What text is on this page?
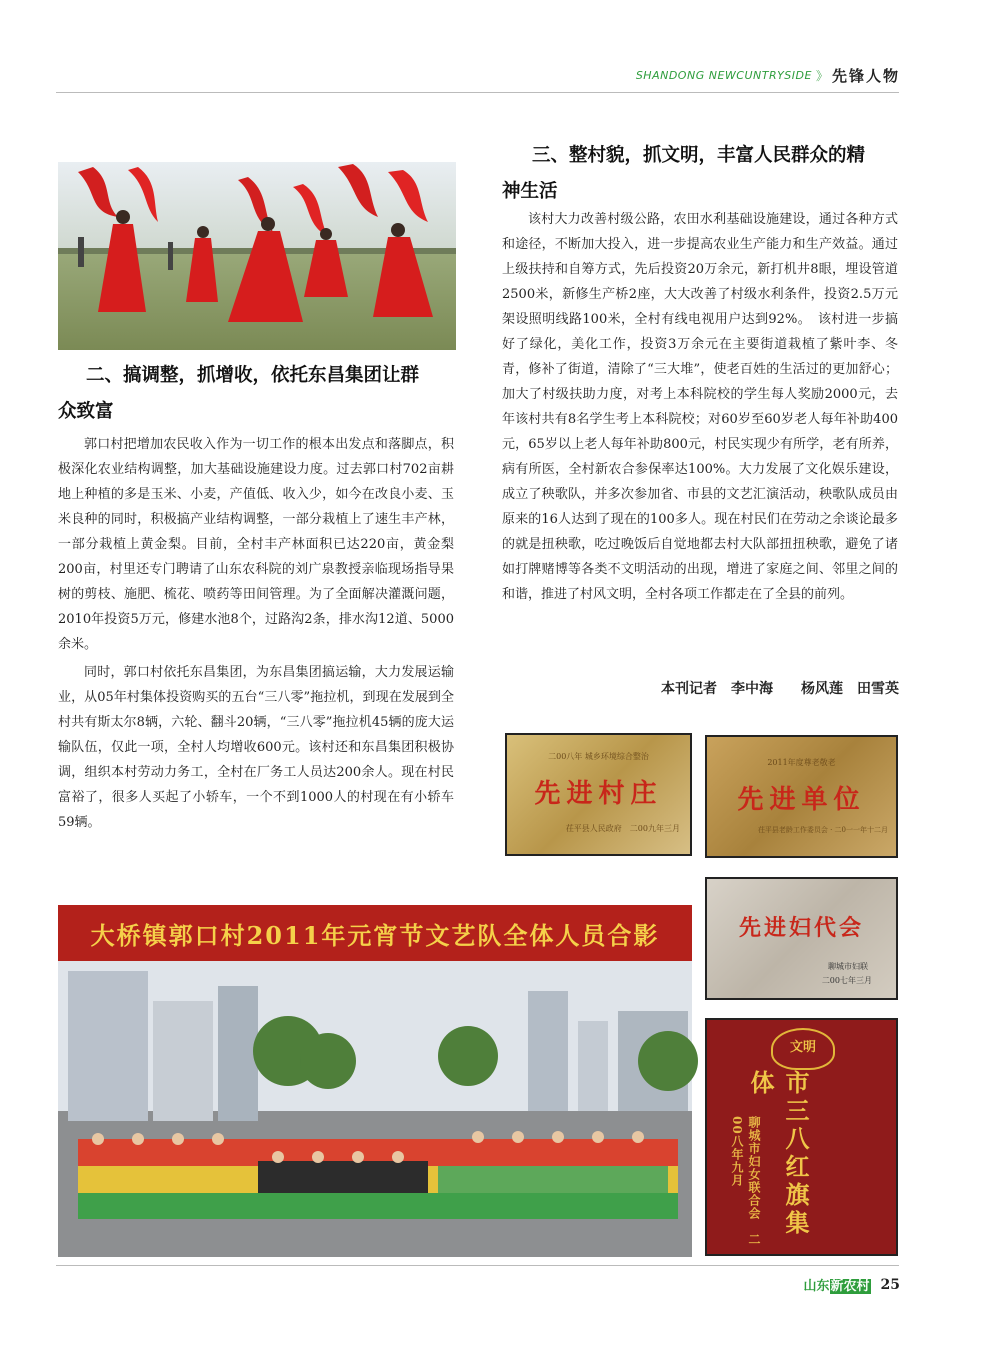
SHANDONG NEWCUNTRYSIDE 》 先锋人物
二、搞调整，抓增收，依托东昌集团让群
众致富

郭口村把增加农民收入作为一切工作的根本出发点和落脚点，积极深化农业结构调整，加大基础设施建设力度。过去郭口村702亩耕地上种植的多是玉米、小麦，产值低、收入少，如今在改良小麦、玉米良种的同时，积极搞产业结构调整，一部分栽植上了速生丰产林，一部分栽植上黄金梨。目前，全村丰产林面积已达220亩，黄金梨200亩，村里还专门聘请了山东农科院的刘广泉教授亲临现场指导果树的剪枝、施肥、梳花、喷药等田间管理。为了全面解决灌溉问题，2010年投资5万元，修建水池8个，过路沟2条，排水沟12道、5000余米。

同时，郭口村依托东昌集团，为东昌集团搞运输，大力发展运输业，从05年村集体投资购买的五台“三八零”拖拉机，到现在发展到全村共有斯太尔8辆，六轮、翻斗20辆，“三八零”拖拉机45辆的庞大运输队伍，仅此一项，全村人均增收600元。该村还和东昌集团积极协调，组织本村劳动力务工，全村在厂务工人员达200余人。现在村民富裕了，很多人买起了小轿车，一个不到1000人的村现在有小轿车59辆。

三、整村貌，抓文明，丰富人民群众的精
神生活

该村大力改善村级公路，农田水利基础设施建设，通过各种方式和途径，不断加大投入，进一步提高农业生产能力和生产效益。通过上级扶持和自筹方式，先后投资20万余元，新打机井8眼，埋设管道2500米，新修生产桥2座，大大改善了村级水利条件，投资2.5万元架设照明线路100米，全村有线电视用户达到92%。　该村进一步搞好了绿化，美化工作，投资3万余元在主要街道栽植了紫叶李、冬青，修补了街道，清除了“三大堆”，使老百姓的生活过的更加舒心；加大了村级扶助力度，对考上本科院校的学生每人奖励2000元，去年该村共有8名学生考上本科院校；对60岁至60岁老人每年补助400元，65岁以上老人每年补助800元，村民实现少有所学，老有所养，病有所医，全村新农合参保率达100%。大力发展了文化娱乐建设，成立了秧歌队，并多次参加省、市县的文艺汇演活动，秧歌队成员由原来的16人达到了现在的100多人。现在村民们在劳动之余谈论最多的就是扭秧歌，吃过晚饭后自觉地都去村大队部扭扭秧歌，避免了诸如打牌赌博等各类不文明活动的出现，增进了家庭之间、邻里之间的和谐，推进了村风文明，全村各项工作都走在了全县的前列。

本刊记者　李中海　　杨风莲　田雪英
二00八年 城乡环境综合整治
先进村庄
茌平县人民政府　二00九年三月
2011年度尊老敬老
先进单位
茌平县老龄工作委员会 · 二0一一年十二月
先进妇代会
聊城市妇联
二00七年三月
文明
市三八红旗集体
聊城市妇女联合会　二00八年九月
大桥镇郭口村2011年元宵节文艺队全体人员合影
山东新农村 25
